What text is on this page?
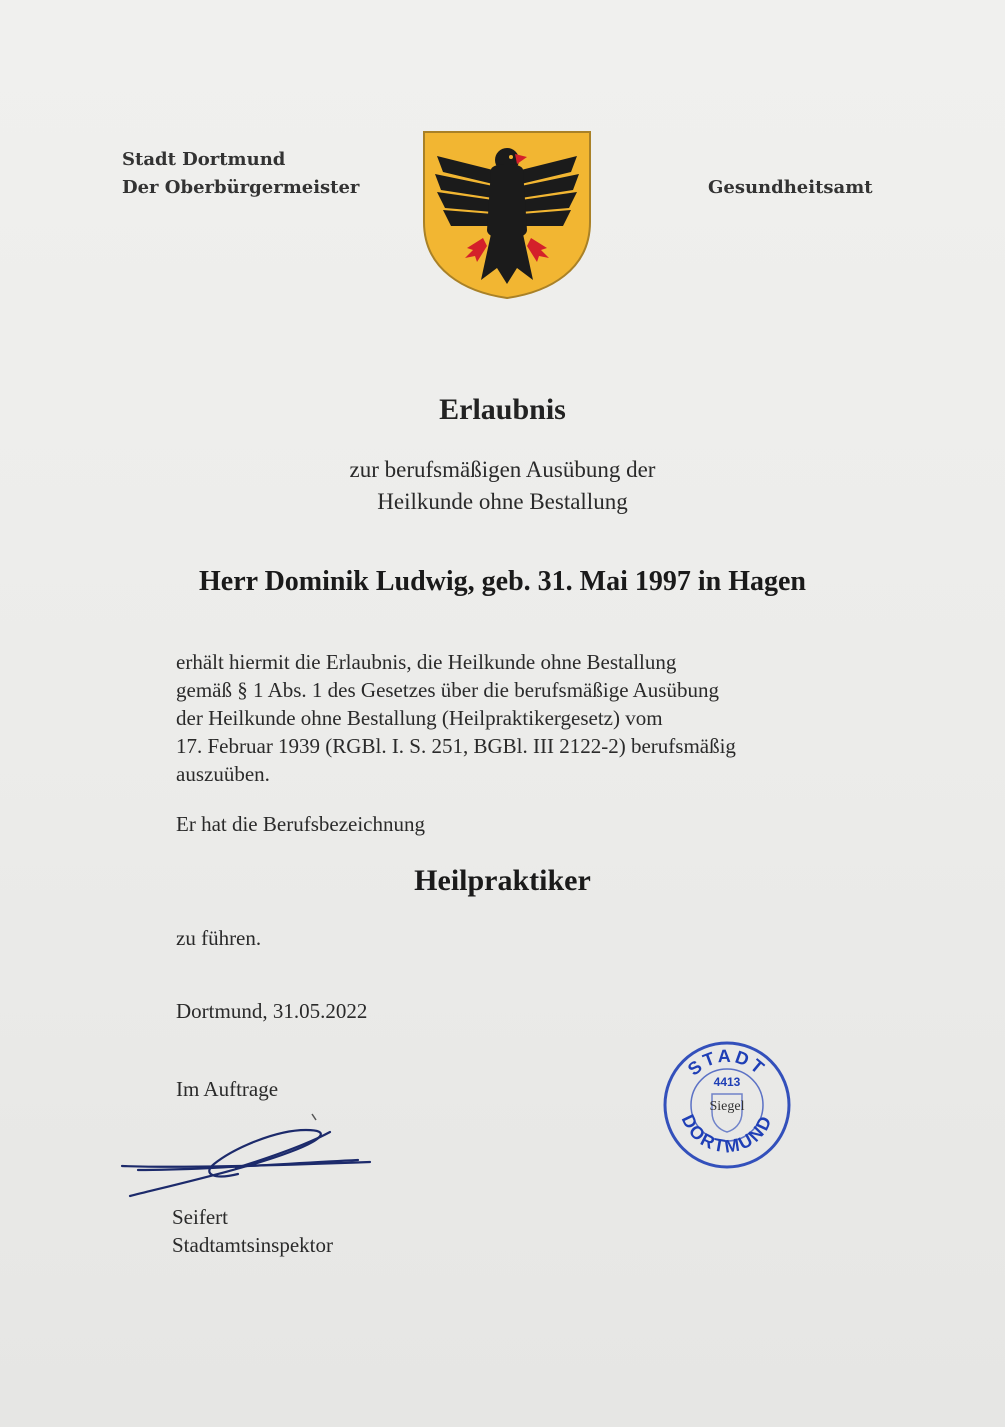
Stadt Dortmund
Der Oberbürgermeister	Gesundheitsamt
Erlaubnis
zur berufsmäßigen Ausübung der
Heilkunde ohne Bestallung
Herr Dominik Ludwig, geb. 31. Mai 1997 in Hagen
erhält hiermit die Erlaubnis, die Heilkunde ohne Bestallung
gemäß § 1 Abs. 1 des Gesetzes über die berufsmäßige Ausübung
der Heilkunde ohne Bestallung (Heilpraktikergesetz) vom
17. Februar 1939 (RGBl. I. S. 251, BGBl. III 2122-2) berufsmäßig
auszuüben.
Er hat die Berufsbezeichnung
Heilpraktiker
zu führen.
Dortmund, 31.05.2022
Im Auftrage
Seifert
Stadtamtsinspektor
STADT
DORTMUND
4413
Siegel
